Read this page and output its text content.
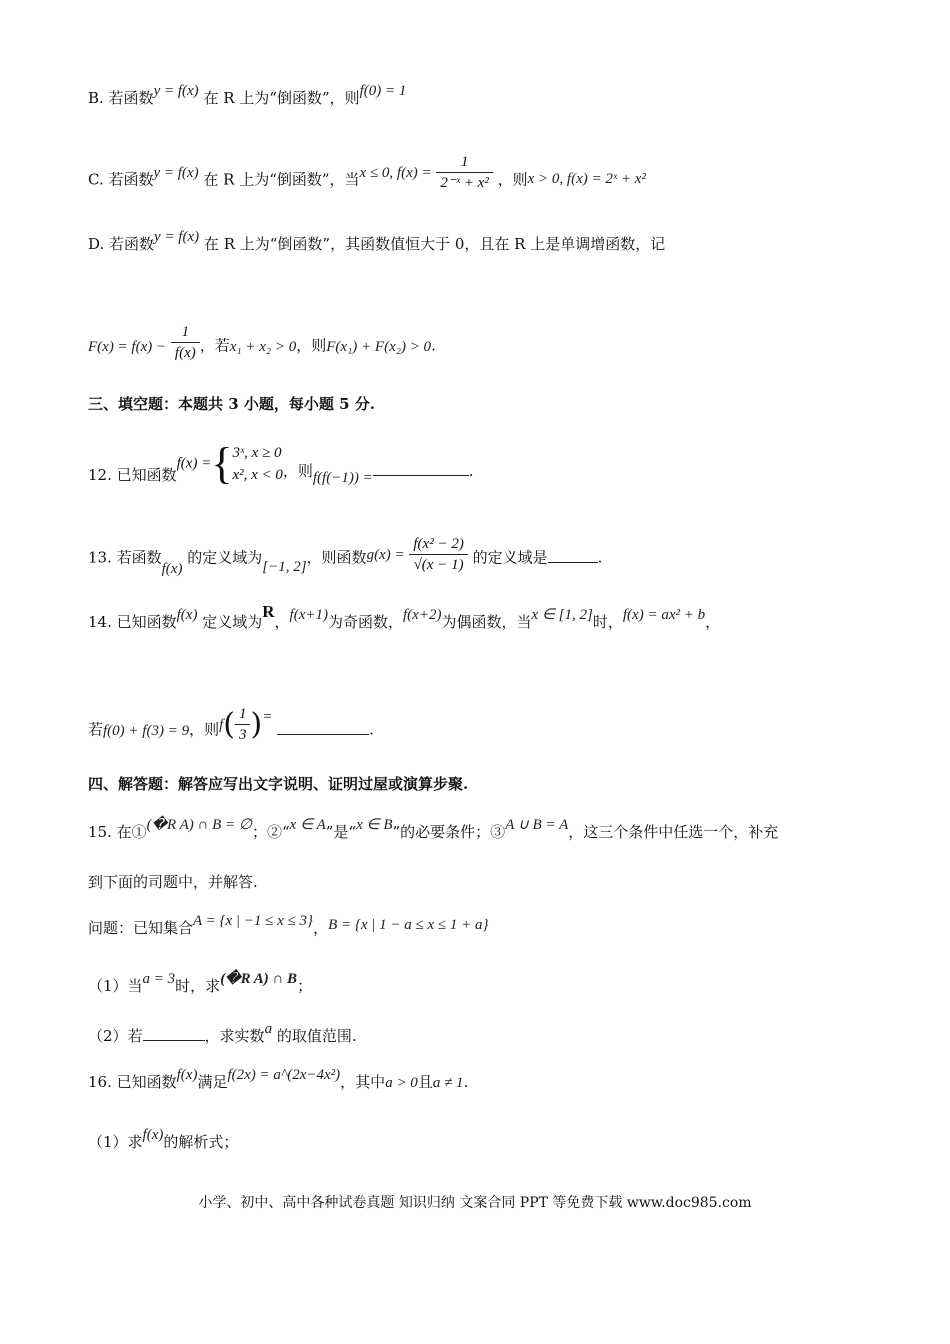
B. 若函数y = f(x) 在 R 上为“倒函数”，则f(0) = 1
C. 若函数y = f(x) 在 R 上为“倒函数”，当x ≤ 0, $f(x) = \frac{1}{\text{2⁻ˣ + x²}}$ ，则x > 0, f(x) = 2ˣ + x²
D. 若函数y = f(x) 在 R 上为“倒函数”，其函数值恒大于 0，且在 R 上是单调增函数，记
$F(x) = f(x) - \frac{1}{f(x)}$ ，若x₁ + x₂ > 0，则F(x₁) + F(x₂) > 0.
三、填空题：本题共 3 小题，每小题 5 分.
12. 已知函数f(x) ={ 3ˣ, x ≥ 0
x², x < 0 ，则f(f(−1)) =	.
13. 若函数f(x) 的定义域为[−1, 2]，则函数$g(x) = \frac{\text{f(x² − 2)}}{√(x - 1)}$ 的定义域是	.
14. 已知函数f(x) 定义域为R，f(x+1)为奇函数，f(x+2)为偶函数，当x ∈ [1, 2]时，f(x) = ax² + b，
若f(0) + f(3) = 9，则$f( \frac{1}{3}$ )= .
四、解答题：解答应写出文字说明、证明过屋或演算步聚.
15. 在①(�R A) ∩ B = ∅；②“x ∈ A”是“x ∈ B”的必要条件；③A ∪ B = A，这三个条件中任选一个，补充
到下面的司题中，并解答.
问题：已知集合A = {x | −1 ≤ x ≤ 3}，B = {x | 1 − a ≤ x ≤ 1 + a}
（1）当a = 3时，求(�R A) ∩ B；
（2）若	，求实数a 的取值范围.
16. 已知函数f(x)满足f(2x) = a^(2x−4x²)，其中a > 0且a ≠ 1.
（1）求f(x)的解析式；
小学、初中、高中各种试卷真题 知识归纳 文案合同 PPT 等免费下载 www.doc985.com
